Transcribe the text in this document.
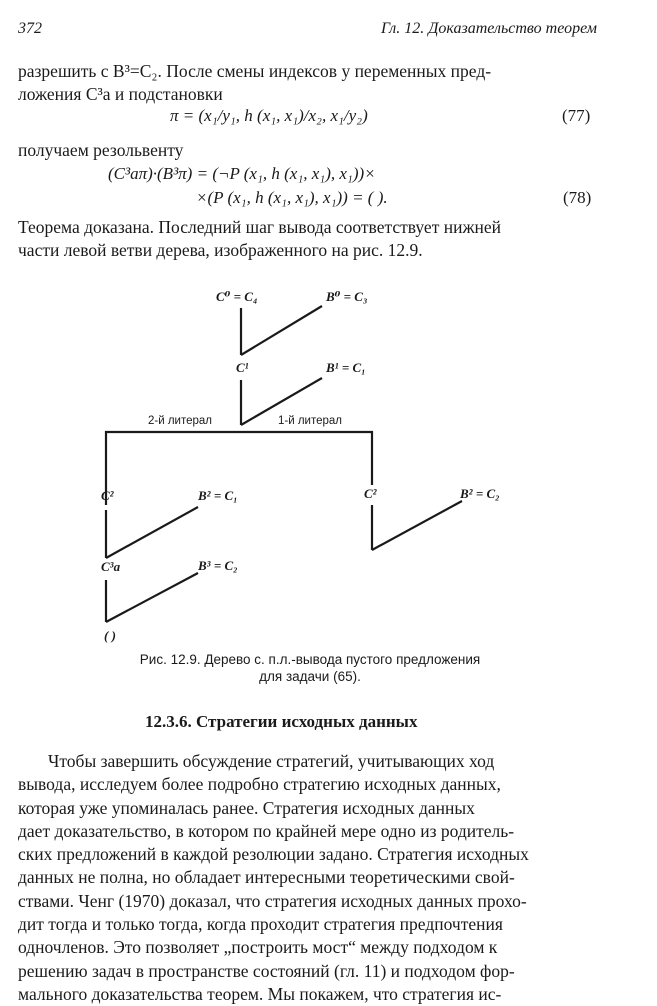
372	Гл. 12. Доказательство теорем
разрешить с B³=C₂. После смены индексов у переменных пред-
ложения C³a и подстановки
π = (x₁/y₁, h (x₁, x₁)/x₂, x₁/y₂)	(77)
получаем резольвенту
(C³aπ)·(B³π) = (¬P (x₁, h (x₁, x₁), x₁))×
×(P (x₁, h (x₁, x₁), x₁)) = ( ).	(78)
Теорема доказана. Последний шаг вывода соответствует нижней
части левой ветви дерева, изображенного на рис. 12.9.
C⁰ = C₄	B⁰ = C₃
C¹	B¹ = C₁
C²	B² = C₁	C²	B² = C₂
C³a	B³ = C₂
( )
2-й литерал	1-й литерал
Рис. 12.9. Дерево с. п.л.-вывода пустого предложения
для задачи (65).
12.3.6. Стратегии исходных данных
Чтобы завершить обсуждение стратегий, учитывающих ход
вывода, исследуем более подробно стратегию исходных данных,
которая уже упоминалась ранее. Стратегия исходных данных
дает доказательство, в котором по крайней мере одно из родитель-
ских предложений в каждой резолюции задано. Стратегия исходных
данных не полна, но обладает интересными теоретическими свой-
ствами. Ченг (1970) доказал, что стратегия исходных данных прохо-
дит тогда и только тогда, когда проходит стратегия предпочтения
одночленов. Это позволяет „построить мост“ между подходом к
решению задач в пространстве состояний (гл. 11) и подходом фор-
мального доказательства теорем. Мы покажем, что стратегия ис-
